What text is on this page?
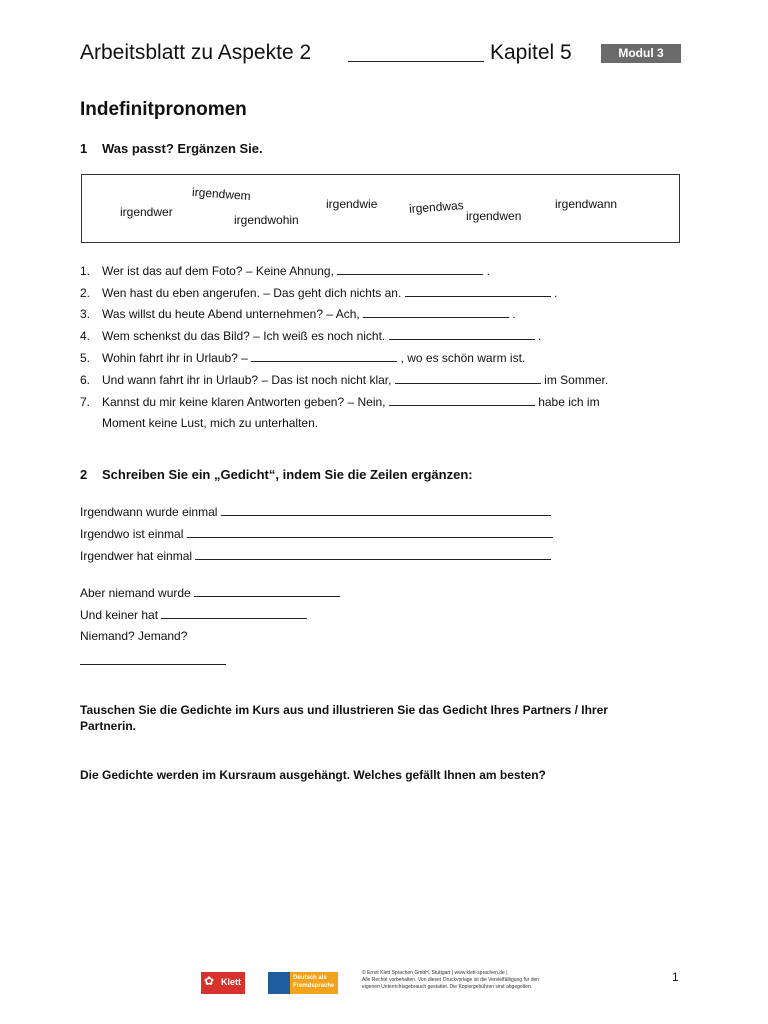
Arbeitsblatt zu Aspekte 2	Kapitel 5	Modul 3
Indefinitpronomen
1 Was passt? Ergänzen Sie.
irgendwem
irgendwer
irgendwohin
irgendwie	irgendwas
irgendwen
irgendwann
1. Wer ist das auf dem Foto? – Keine Ahnung,	.
2. Wen hast du eben angerufen. – Das geht dich nichts an.	.
3. Was willst du heute Abend unternehmen? – Ach,	.
4. Wem schenkst du das Bild? – Ich weiß es noch nicht.	.
5. Wohin fahrt ihr in Urlaub? –	, wo es schön warm ist.
6. Und wann fahrt ihr in Urlaub? – Das ist noch nicht klar,	im Sommer.
7. Kannst du mir keine klaren Antworten geben? – Nein,	habe ich im
Moment keine Lust, mich zu unterhalten.
2 Schreiben Sie ein „Gedicht“, indem Sie die Zeilen ergänzen:
Irgendwann wurde einmal
Irgendwo ist einmal
Irgendwer hat einmal
Aber niemand wurde
Und keiner hat
Niemand? Jemand?
Tauschen Sie die Gedichte im Kurs aus und illustrieren Sie das Gedicht Ihres Partners / Ihrer Partnerin.
Die Gedichte werden im Kursraum ausgehängt. Welches gefällt Ihnen am besten?
✿ Klett	Deutsch als
Fremdsprache
© Ernst Klett Sprachen GmbH, Stuttgart | www.klett-sprachen.de |
Alle Rechte vorbehalten. Von dieser Druckvorlage ist die Vervielfältigung für den
eigenen Unterrichtsgebrauch gestattet. Die Kopiergebühren sind abgegolten.
1
